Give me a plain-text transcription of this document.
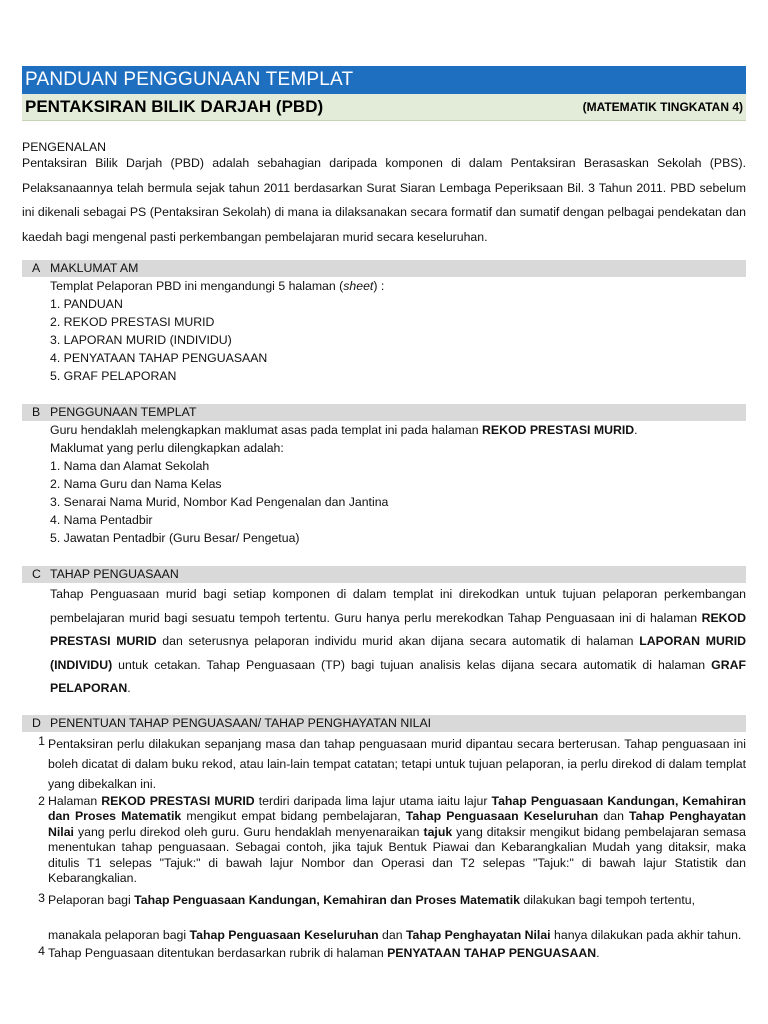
PANDUAN PENGGUNAAN TEMPLAT
PENTAKSIRAN BILIK DARJAH (PBD)	(MATEMATIK TINGKATAN 4)
PENGENALAN
Pentaksiran Bilik Darjah (PBD) adalah sebahagian daripada komponen di dalam Pentaksiran Berasaskan Sekolah (PBS). Pelaksanaannya telah bermula sejak tahun 2011 berdasarkan Surat Siaran Lembaga Peperiksaan Bil. 3 Tahun 2011. PBD sebelum ini dikenali sebagai PS (Pentaksiran Sekolah) di mana ia dilaksanakan secara formatif dan sumatif dengan pelbagai pendekatan dan kaedah bagi mengenal pasti perkembangan pembelajaran murid secara keseluruhan.
A MAKLUMAT AM
Templat Pelaporan PBD ini mengandungi 5 halaman (sheet) :
1. PANDUAN
2. REKOD PRESTASI MURID
3. LAPORAN MURID (INDIVIDU)
4. PENYATAAN TAHAP PENGUASAAN
5. GRAF PELAPORAN
B PENGGUNAAN TEMPLAT
Guru hendaklah melengkapkan maklumat asas pada templat ini pada halaman REKOD PRESTASI MURID.
Maklumat yang perlu dilengkapkan adalah:
1. Nama dan Alamat Sekolah
2. Nama Guru dan Nama Kelas
3. Senarai Nama Murid, Nombor Kad Pengenalan dan Jantina
4. Nama Pentadbir
5. Jawatan Pentadbir (Guru Besar/ Pengetua)
C TAHAP PENGUASAAN
Tahap Penguasaan murid bagi setiap komponen di dalam templat ini direkodkan untuk tujuan pelaporan perkembangan pembelajaran murid bagi sesuatu tempoh tertentu. Guru hanya perlu merekodkan Tahap Penguasaan ini di halaman REKOD PRESTASI MURID dan seterusnya pelaporan individu murid akan dijana secara automatik di halaman LAPORAN MURID (INDIVIDU) untuk cetakan. Tahap Penguasaan (TP) bagi tujuan analisis kelas dijana secara automatik di halaman GRAF PELAPORAN.
D PENENTUAN TAHAP PENGUASAAN/ TAHAP PENGHAYATAN NILAI
1 Pentaksiran perlu dilakukan sepanjang masa dan tahap penguasaan murid dipantau secara berterusan. Tahap penguasaan ini boleh dicatat di dalam buku rekod, atau lain-lain tempat catatan; tetapi untuk tujuan pelaporan, ia perlu direkod di dalam templat yang dibekalkan ini.
2 Halaman REKOD PRESTASI MURID terdiri daripada lima lajur utama iaitu lajur Tahap Penguasaan Kandungan, Kemahiran dan Proses Matematik mengikut empat bidang pembelajaran, Tahap Penguasaan Keseluruhan dan Tahap Penghayatan Nilai yang perlu direkod oleh guru. Guru hendaklah menyenaraikan tajuk yang ditaksir mengikut bidang pembelajaran semasa menentukan tahap penguasaan. Sebagai contoh, jika tajuk Bentuk Piawai dan Kebarangkalian Mudah yang ditaksir, maka ditulis T1 selepas "Tajuk:" di bawah lajur Nombor dan Operasi dan T2 selepas "Tajuk:" di bawah lajur Statistik dan Kebarangkalian.
3 Pelaporan bagi Tahap Penguasaan Kandungan, Kemahiran dan Proses Matematik dilakukan bagi tempoh tertentu,
manakala pelaporan bagi Tahap Penguasaan Keseluruhan dan Tahap Penghayatan Nilai hanya dilakukan pada akhir tahun.
4 Tahap Penguasaan ditentukan berdasarkan rubrik di halaman PENYATAAN TAHAP PENGUASAAN.
